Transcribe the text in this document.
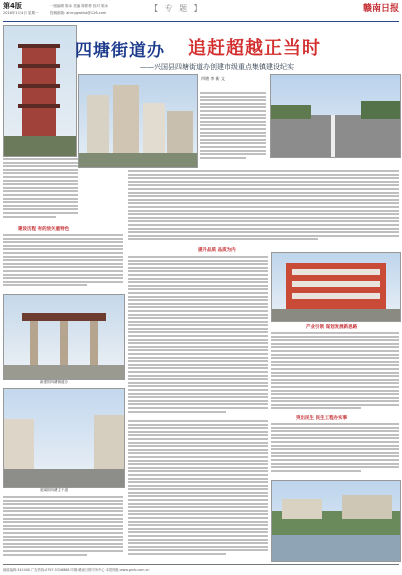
第4版
2016年1月4日 星期一
一版编辑 陈冰 美编 陈彬彬 校对 陈冰
投稿邮箱: ahrcygwhbz@126.com	【 专 题 】	赣南日报
四塘街道办 追赶超越正当时
——兴国县四塘街道办创建市级重点集镇建设纪实
四塘 李 新 文
建设历程 有的放矢重特色
提升品质 品质为内
产业引领 谋划发展新思路
新建的四塘街道办
宽阔的四塘主干道
突出民生 民生工程办实事
邮政编码:342400 广告热线:0797-5326868 印刷:赣南日报印务中心 本报网址:www.gnrb.com.cn
